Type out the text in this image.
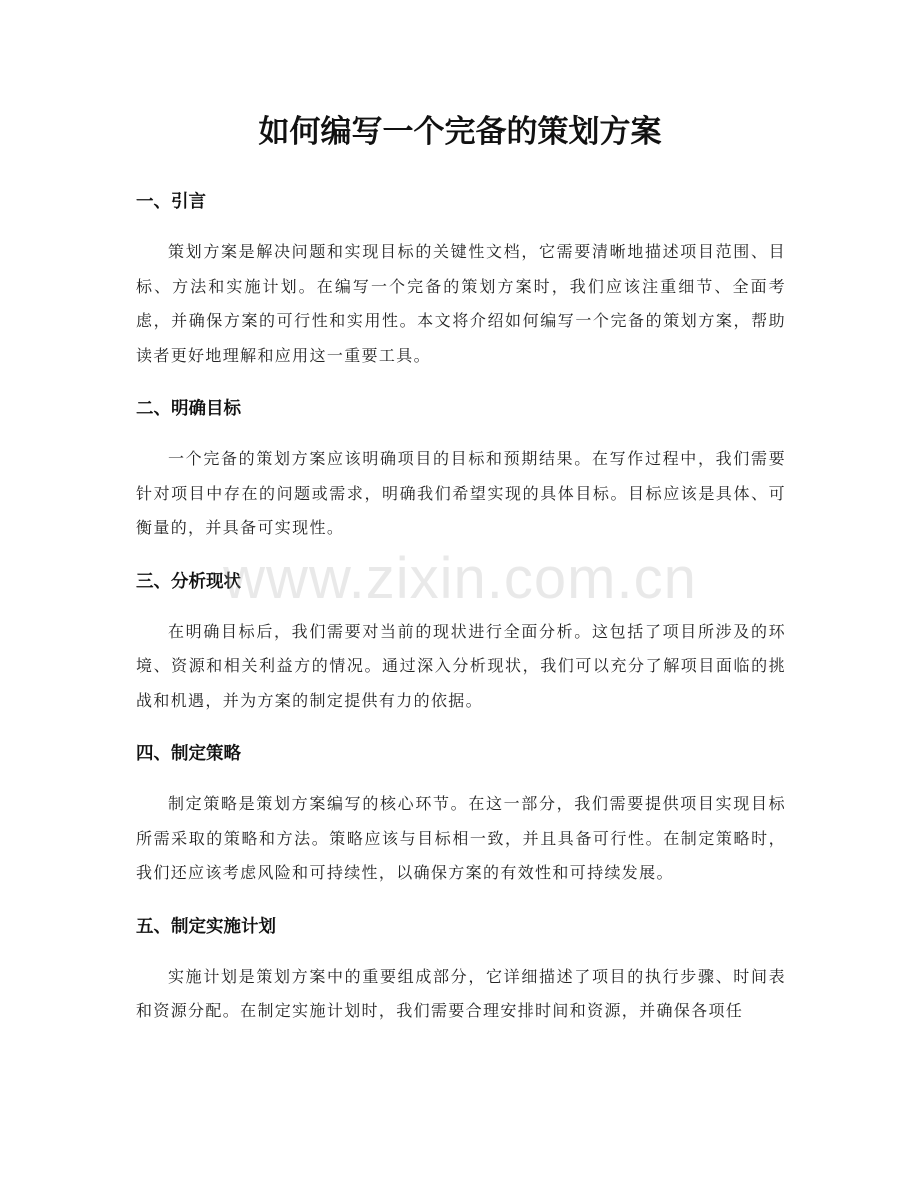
如何编写一个完备的策划方案
一、引言

策划方案是解决问题和实现目标的关键性文档，它需要清晰地描述项目范围、目标、方法和实施计划。在编写一个完备的策划方案时，我们应该注重细节、全面考虑，并确保方案的可行性和实用性。本文将介绍如何编写一个完备的策划方案，帮助读者更好地理解和应用这一重要工具。

二、明确目标

一个完备的策划方案应该明确项目的目标和预期结果。在写作过程中，我们需要针对项目中存在的问题或需求，明确我们希望实现的具体目标。目标应该是具体、可衡量的，并具备可实现性。

三、分析现状

在明确目标后，我们需要对当前的现状进行全面分析。这包括了项目所涉及的环境、资源和相关利益方的情况。通过深入分析现状，我们可以充分了解项目面临的挑战和机遇，并为方案的制定提供有力的依据。

四、制定策略

制定策略是策划方案编写的核心环节。在这一部分，我们需要提供项目实现目标所需采取的策略和方法。策略应该与目标相一致，并且具备可行性。在制定策略时，我们还应该考虑风险和可持续性，以确保方案的有效性和可持续发展。

五、制定实施计划

实施计划是策划方案中的重要组成部分，它详细描述了项目的执行步骤、时间表和资源分配。在制定实施计划时，我们需要合理安排时间和资源，并确保各项任

www.zixin.com.cn
